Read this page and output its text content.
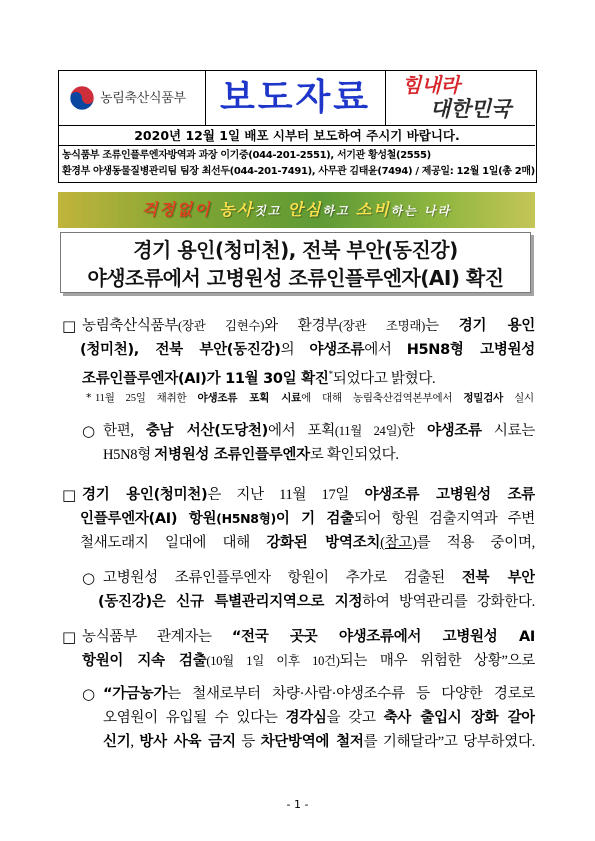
농림축산식품부 보도자료	힘내라
대한민국
2020년 12월 1일 배포 시부터 보도하여 주시기 바랍니다.
농식품부 조류인플루엔자방역과 과장 이기중(044-201-2551), 서기관 황성철(2555)
환경부 야생동물질병관리팀 팀장 최선두(044-201-7491), 사무관 김태윤(7494) / 제공일: 12월 1일(총 2매)
걱정없이 농사짓고 안심하고 소비하는 나라
경기 용인(청미천), 전북 부안(동진강)
야생조류에서 고병원성 조류인플루엔자(AI) 확진
□ 농림축산식품부(장관 김현수)와 환경부(장관 조명래)는 경기 용인
(청미천), 전북 부안(동진강)의 야생조류에서 H5N8형 고병원성
조류인플루엔자(AI)가 11월 30일 확진*되었다고 밝혔다.
* 11월 25일 채취한 야생조류 포획 시료에 대해 농림축산검역본부에서 정밀검사 실시
○ 한편, 충남 서산(도당천)에서 포획(11월 24일)한 야생조류 시료는
H5N8형 저병원성 조류인플루엔자로 확인되었다.
□ 경기 용인(청미천)은 지난 11월 17일 야생조류 고병원성 조류
인플루엔자(AI) 항원(H5N8형)이 기 검출되어 항원 검출지역과 주변
철새도래지 일대에 대해 강화된 방역조치(참고)를 적용 중이며,
○ 고병원성 조류인플루엔자 항원이 추가로 검출된 전북 부안
(동진강)은 신규 특별관리지역으로 지정하여 방역관리를 강화한다.
□ 농식품부 관계자는 “전국 곳곳 야생조류에서 고병원성 AI
항원이 지속 검출(10월 1일 이후 10건)되는 매우 위험한 상황”으로
○ “가금농가는 철새로부터 차량·사람·야생조수류 등 다양한 경로로
오염원이 유입될 수 있다는 경각심을 갖고 축사 출입시 장화 갈아
신기, 방사 사육 금지 등 차단방역에 철저를 기해달라”고 당부하였다.
- 1 -
